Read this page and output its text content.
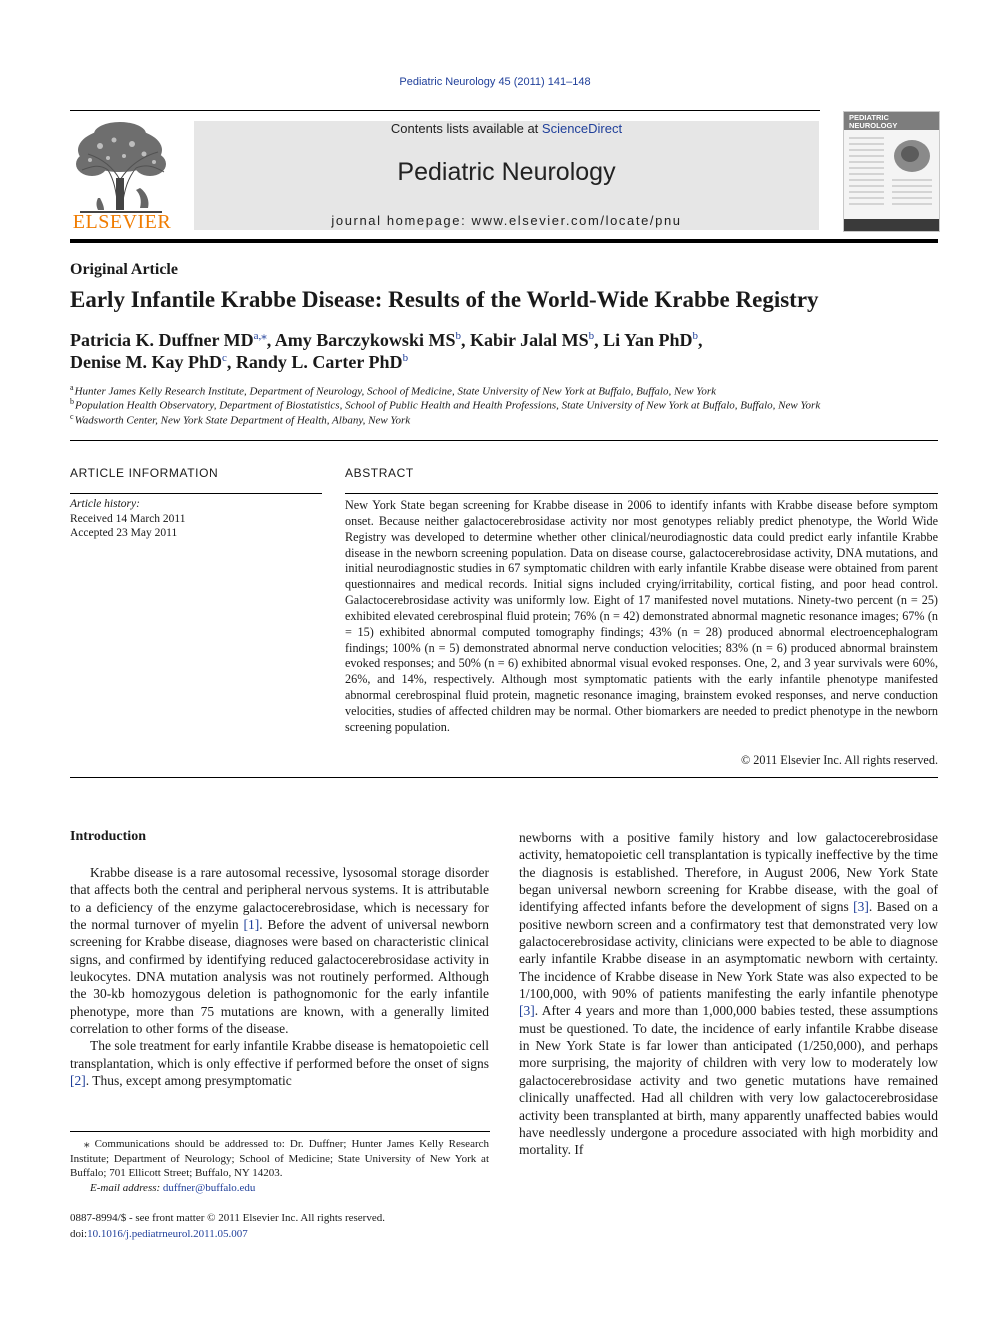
Pediatric Neurology 45 (2011) 141–148
ELSEVIER
Contents lists available at ScienceDirect
Pediatric Neurology
journal homepage: www.elsevier.com/locate/pnu
PEDIATRIC NEUROLOGY
Original Article
Early Infantile Krabbe Disease: Results of the World-Wide Krabbe Registry
Patricia K. Duffner $MD^{a,⁎}$, Amy Barczykowski $MS^b$, Kabir Jalal $MS^b$, Li Yan PhD$^b$,
Denise M. Kay PhD$^c$, Randy L. Carter PhD$^b$
$^a$Hunter James Kelly Research Institute, Department of Neurology, School of Medicine, State University of New York at Buffalo, Buffalo, New York
$^b$Population Health Observatory, Department of Biostatistics, School of Public Health and Health Professions, State University of New York at Buffalo, Buffalo, New York
$^c$Wadsworth Center, New York State Department of Health, Albany, New York
ARTICLE INFORMATION	ABSTRACT
Article history:
Received 14 March 2011
Accepted 23 May 2011
New York State began screening for Krabbe disease in 2006 to identify infants with Krabbe disease before symptom onset. Because neither galactocerebrosidase activity nor most genotypes reliably predict phenotype, the World Wide Registry was developed to determine whether other clinical/neurodiagnostic data could predict early infantile Krabbe disease in the newborn screening population. Data on disease course, galactocerebrosidase activity, DNA mutations, and initial neurodiagnostic studies in 67 symptomatic children with early infantile Krabbe disease were obtained from parent questionnaires and medical records. Initial signs included crying/irritability, cortical fisting, and poor head control. Galactocerebrosidase activity was uniformly low. Eight of 17 manifested novel mutations. Ninety-two percent (n = 25) exhibited elevated cerebrospinal fluid protein; 76% (n = 42) demonstrated abnormal magnetic resonance images; 67% (n = 15) exhibited abnormal computed tomography findings; 43% (n = 28) produced abnormal electroencephalogram findings; 100% (n = 5) demonstrated abnormal nerve conduction velocities; 83% (n = 6) produced abnormal brainstem evoked responses; and 50% (n = 6) exhibited abnormal visual evoked responses. One, 2, and 3 year survivals were 60%, 26%, and 14%, respectively. Although most symptomatic patients with the early infantile phenotype manifested abnormal cerebrospinal fluid protein, magnetic resonance imaging, brainstem evoked responses, and nerve conduction velocities, studies of affected children may be normal. Other biomarkers are needed to predict phenotype in the newborn screening population.
© 2011 Elsevier Inc. All rights reserved.
Introduction

Krabbe disease is a rare autosomal recessive, lysosomal storage disorder that affects both the central and peripheral nervous systems. It is attributable to a deficiency of the enzyme galactocerebrosidase, which is necessary for the normal turnover of myelin [1]. Before the advent of universal newborn screening for Krabbe disease, diagnoses were based on characteristic clinical signs, and confirmed by identifying reduced galactocerebrosidase activity in leukocytes. DNA mutation analysis was not routinely performed. Although the 30-kb homozygous deletion is pathognomonic for the early infantile phenotype, more than 75 mutations are known, with a generally limited correlation to other forms of the disease.

The sole treatment for early infantile Krabbe disease is hematopoietic cell transplantation, which is only effective if performed before the onset of signs [2]. Thus, except among presymptomatic

newborns with a positive family history and low galactocerebrosidase activity, hematopoietic cell transplantation is typically ineffective by the time the diagnosis is established. Therefore, in August 2006, New York State began universal newborn screening for Krabbe disease, with the goal of identifying affected infants before the development of signs [3]. Based on a positive newborn screen and a confirmatory test that demonstrated very low galactocerebrosidase activity, clinicians were expected to be able to diagnose early infantile Krabbe disease in an asymptomatic newborn with certainty. The incidence of Krabbe disease in New York State was also expected to be 1/100,000, with 90% of patients manifesting the early infantile phenotype [3]. After 4 years and more than 1,000,000 babies tested, these assumptions must be questioned. To date, the incidence of early infantile Krabbe disease in New York State is far lower than anticipated (1/250,000), and perhaps more surprising, the majority of children with very low to moderately low galactocerebrosidase activity and two genetic mutations have remained clinically unaffected. Had all children with very low galactocerebrosidase activity been transplanted at birth, many apparently unaffected babies would have needlessly undergone a procedure associated with high morbidity and mortality. If

⁎ Communications should be addressed to: Dr. Duffner; Hunter James Kelly Research Institute; Department of Neurology; School of Medicine; State University of New York at Buffalo; 701 Ellicott Street; Buffalo, NY 14203.
E-mail address: duffner@buffalo.edu
0887-8994/$ - see front matter © 2011 Elsevier Inc. All rights reserved.
doi:10.1016/j.pediatrneurol.2011.05.007
